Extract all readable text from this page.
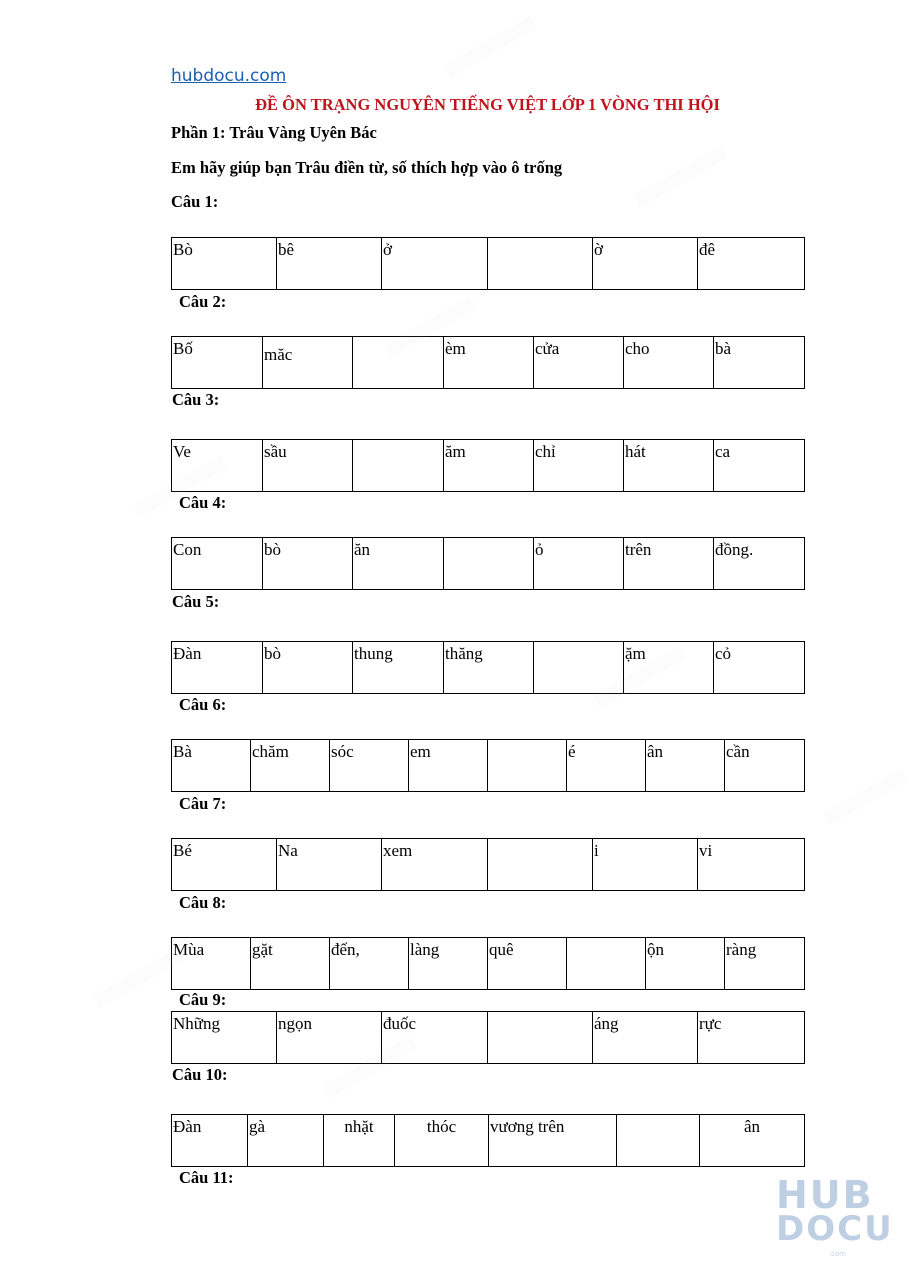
hubdocu.com
ĐỀ ÔN TRẠNG NGUYÊN TIẾNG VIỆT LỚP 1 VÒNG THI HỘI
Phần 1: Trâu Vàng Uyên Bác
Em hãy giúp bạn Trâu điền từ, số thích hợp vào ô trống
Câu 1:
Bò	bê	ở		ờ	đê
Câu 2:
Bố	măc		èm	cửa	cho	bà
Câu 3:
Ve	sầu		ăm	chỉ	hát	ca
Câu 4:
Con	bò	ăn		ỏ	trên	đồng.
Câu 5:
Đàn	bò	thung	thăng		ặm	cỏ
Câu 6:
Bà	chăm	sóc	em		é	ân	cần
Câu 7:
Bé	Na	xem		i	vi
Câu 8:
Mùa	gặt	đến,	làng	quê		ộn	ràng
Câu 9:
Những	ngọn	đuốc		áng	rực
Câu 10:
Đàn	gà	nhặt	thóc	vương trên		ân
Câu 11:	HUB
DOCU
.com
